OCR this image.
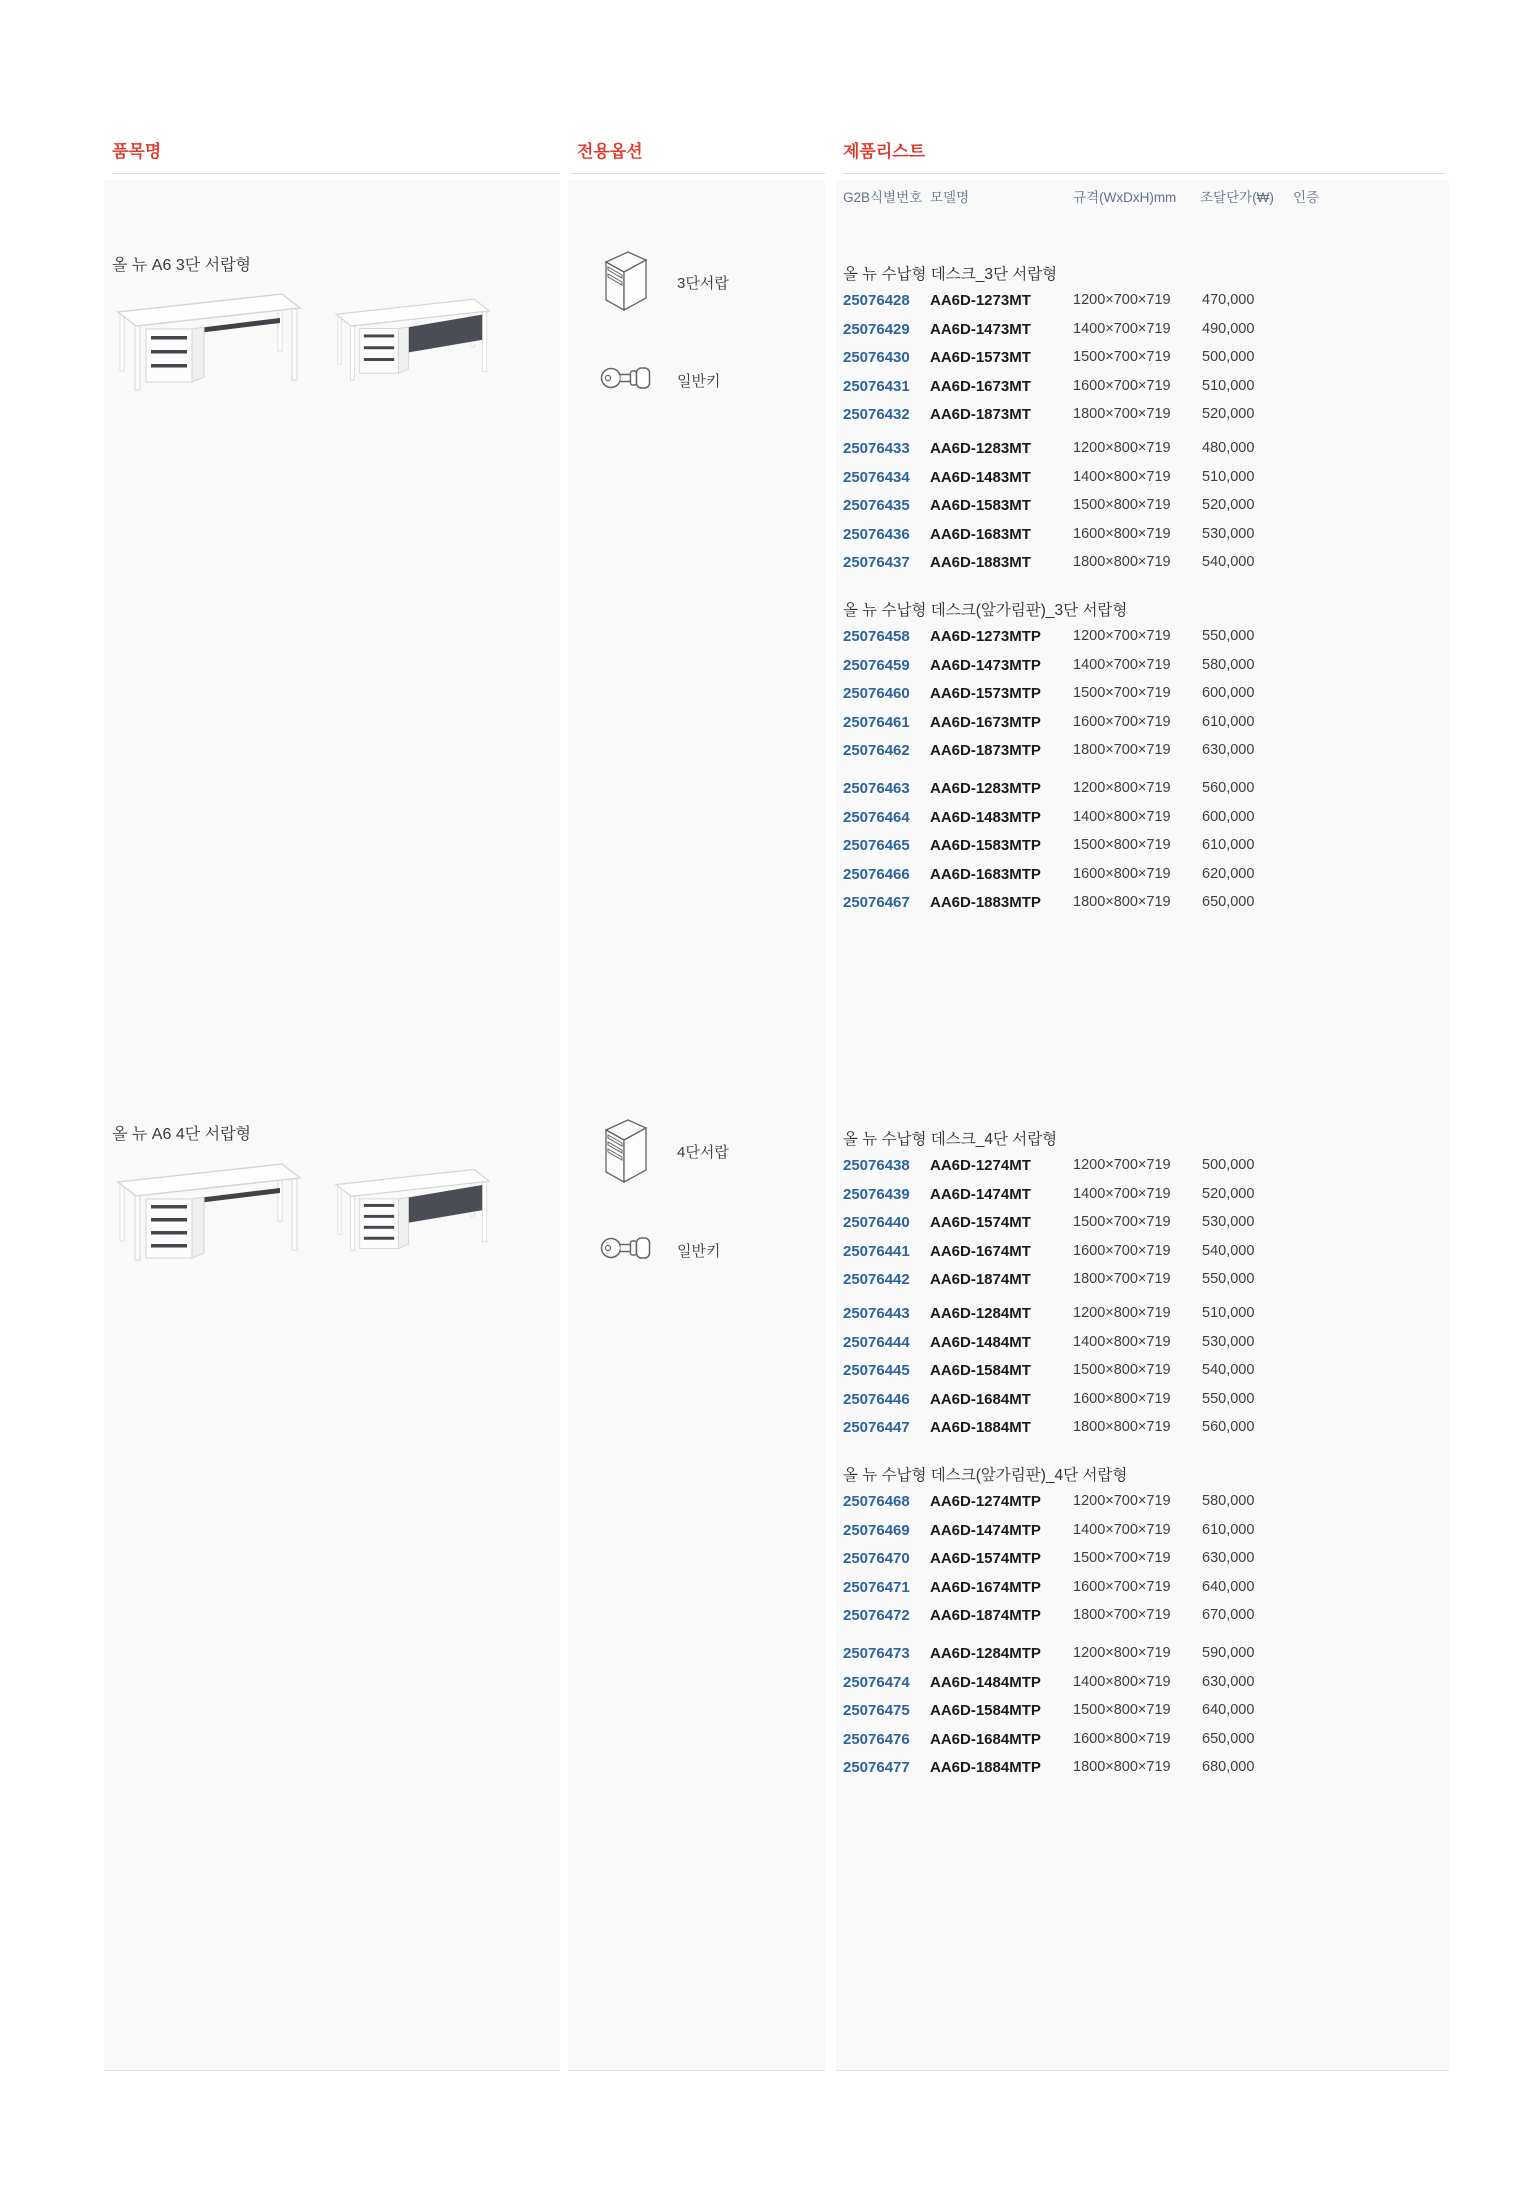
품목명	전용옵션	제품리스트
올 뉴 A6 3단 서랍형
올 뉴 A6 4단 서랍형
3단서랍
일반키
4단서랍
일반키
G2B식별번호 모델명	규격(WxDxH)mm 조달단가(₩) 인증
올 뉴 수납형 데스크_3단 서랍형
25076428 AA6D-1273MT	1200×700×719 470,000
25076429 AA6D-1473MT	1400×700×719 490,000
25076430 AA6D-1573MT	1500×700×719 500,000
25076431 AA6D-1673MT	1600×700×719 510,000
25076432 AA6D-1873MT	1800×700×719 520,000
25076433 AA6D-1283MT	1200×800×719 480,000
25076434 AA6D-1483MT	1400×800×719 510,000
25076435 AA6D-1583MT	1500×800×719 520,000
25076436 AA6D-1683MT	1600×800×719 530,000
25076437 AA6D-1883MT	1800×800×719 540,000
올 뉴 수납형 데스크(앞가림판)_3단 서랍형
25076458 AA6D-1273MTP 1200×700×719 550,000
25076459 AA6D-1473MTP 1400×700×719 580,000
25076460 AA6D-1573MTP 1500×700×719 600,000
25076461 AA6D-1673MTP 1600×700×719 610,000
25076462 AA6D-1873MTP 1800×700×719 630,000
25076463 AA6D-1283MTP 1200×800×719 560,000
25076464 AA6D-1483MTP 1400×800×719 600,000
25076465 AA6D-1583MTP 1500×800×719 610,000
25076466 AA6D-1683MTP 1600×800×719 620,000
25076467 AA6D-1883MTP 1800×800×719 650,000
올 뉴 수납형 데스크_4단 서랍형
25076438 AA6D-1274MT	1200×700×719 500,000
25076439 AA6D-1474MT	1400×700×719 520,000
25076440 AA6D-1574MT	1500×700×719 530,000
25076441 AA6D-1674MT	1600×700×719 540,000
25076442 AA6D-1874MT	1800×700×719 550,000
25076443 AA6D-1284MT	1200×800×719 510,000
25076444 AA6D-1484MT	1400×800×719 530,000
25076445 AA6D-1584MT	1500×800×719 540,000
25076446 AA6D-1684MT	1600×800×719 550,000
25076447 AA6D-1884MT	1800×800×719 560,000
올 뉴 수납형 데스크(앞가림판)_4단 서랍형
25076468 AA6D-1274MTP 1200×700×719 580,000
25076469 AA6D-1474MTP 1400×700×719 610,000
25076470 AA6D-1574MTP 1500×700×719 630,000
25076471 AA6D-1674MTP 1600×700×719 640,000
25076472 AA6D-1874MTP 1800×700×719 670,000
25076473 AA6D-1284MTP 1200×800×719 590,000
25076474 AA6D-1484MTP 1400×800×719 630,000
25076475 AA6D-1584MTP 1500×800×719 640,000
25076476 AA6D-1684MTP 1600×800×719 650,000
25076477 AA6D-1884MTP 1800×800×719 680,000
